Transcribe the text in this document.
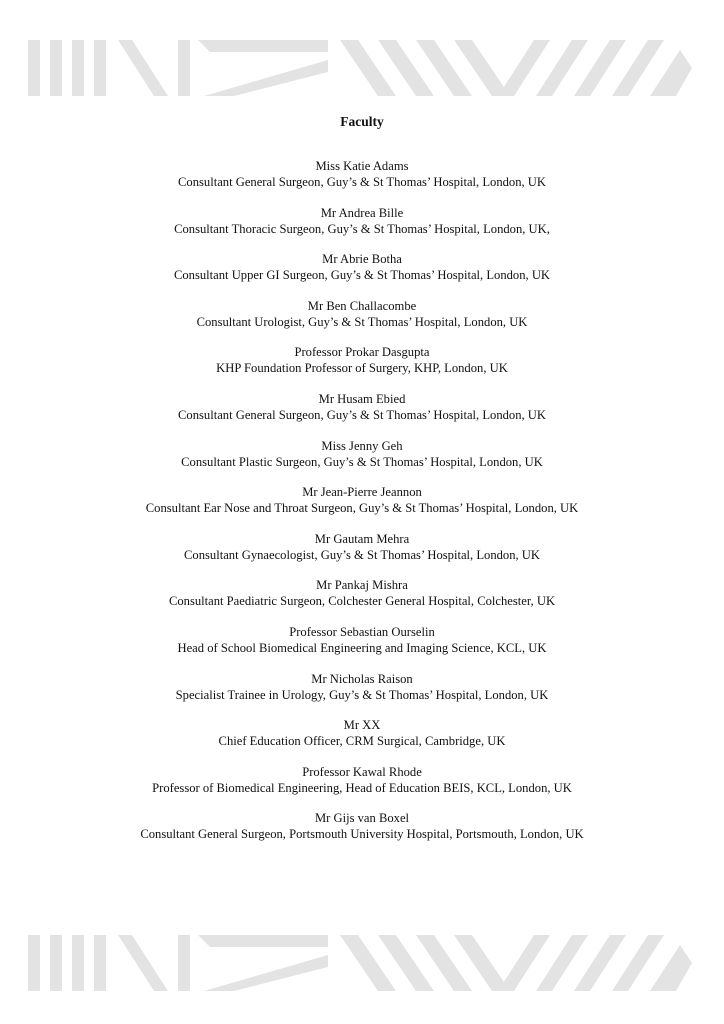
Faculty
Miss Katie Adams
Consultant General Surgeon, Guy’s & St Thomas’ Hospital, London, UK
Mr Andrea Bille
Consultant Thoracic Surgeon, Guy’s & St Thomas’ Hospital, London, UK,
Mr Abrie Botha
Consultant Upper GI Surgeon, Guy’s & St Thomas’ Hospital, London, UK
Mr Ben Challacombe
Consultant Urologist, Guy’s & St Thomas’ Hospital, London, UK
Professor Prokar Dasgupta
KHP Foundation Professor of Surgery, KHP, London, UK
Mr Husam Ebied
Consultant General Surgeon, Guy’s & St Thomas’ Hospital, London, UK
Miss Jenny Geh
Consultant Plastic Surgeon, Guy’s & St Thomas’ Hospital, London, UK
Mr Jean-Pierre Jeannon
Consultant Ear Nose and Throat Surgeon, Guy’s & St Thomas’ Hospital, London, UK
Mr Gautam Mehra
Consultant Gynaecologist, Guy’s & St Thomas’ Hospital, London, UK
Mr Pankaj Mishra
Consultant Paediatric Surgeon, Colchester General Hospital, Colchester, UK
Professor Sebastian Ourselin
Head of School Biomedical Engineering and Imaging Science, KCL, UK
Mr Nicholas Raison
Specialist Trainee in Urology, Guy’s & St Thomas’ Hospital, London, UK
Mr XX
Chief Education Officer, CRM Surgical, Cambridge, UK
Professor Kawal Rhode
Professor of Biomedical Engineering, Head of Education BEIS, KCL, London, UK
Mr Gijs van Boxel
Consultant General Surgeon, Portsmouth University Hospital, Portsmouth, London, UK
